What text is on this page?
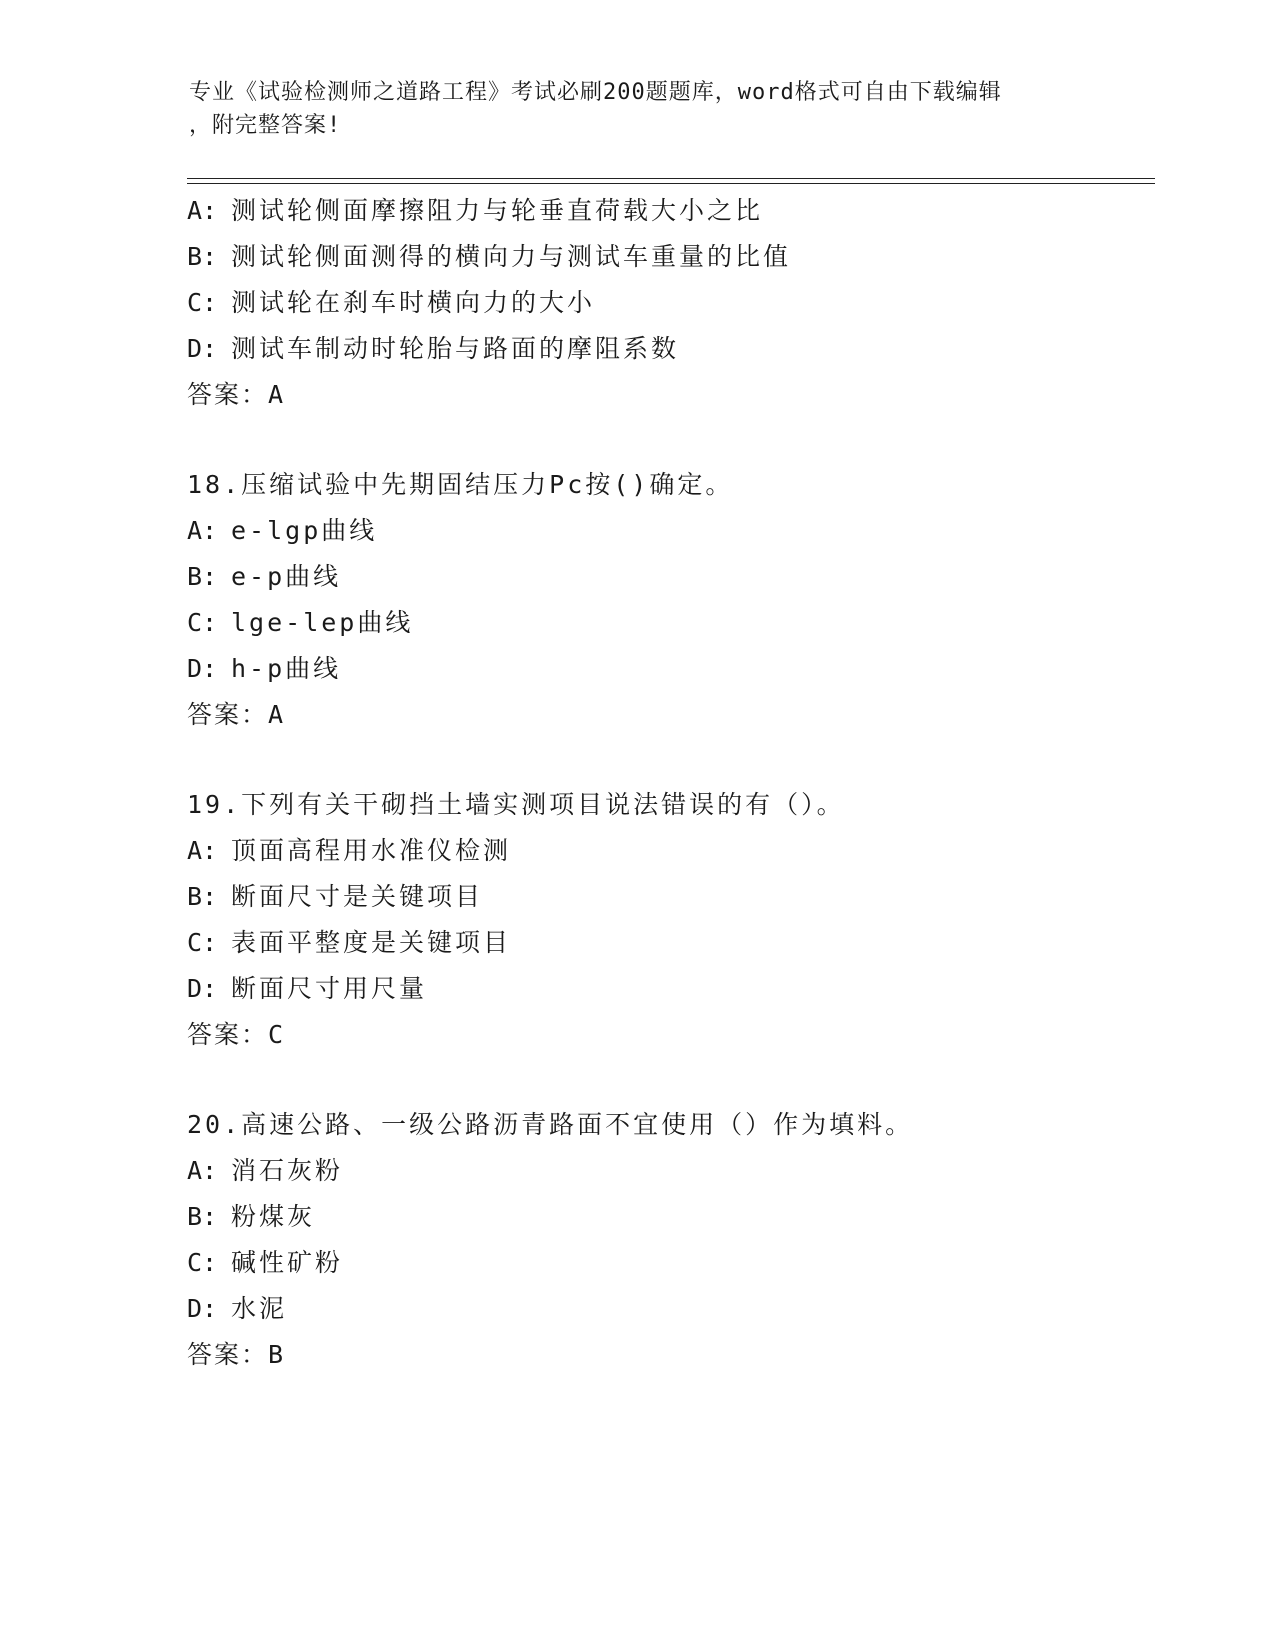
专业《试验检测师之道路工程》考试必刷200题题库，word格式可自由下载编辑
，附完整答案!
A: 测试轮侧面摩擦阻力与轮垂直荷载大小之比
B: 测试轮侧面测得的横向力与测试车重量的比值
C: 测试轮在刹车时横向力的大小
D: 测试车制动时轮胎与路面的摩阻系数
答案：A
18.压缩试验中先期固结压力Pc按()确定。
A: e-lgp曲线
B: e-p曲线
C: lge-lep曲线
D: h-p曲线
答案：A
19.下列有关干砌挡土墙实测项目说法错误的有（）。
A: 顶面高程用水准仪检测
B: 断面尺寸是关键项目
C: 表面平整度是关键项目
D: 断面尺寸用尺量
答案：C
20.高速公路、一级公路沥青路面不宜使用（）作为填料。
A: 消石灰粉
B: 粉煤灰
C: 碱性矿粉
D: 水泥
答案：B
